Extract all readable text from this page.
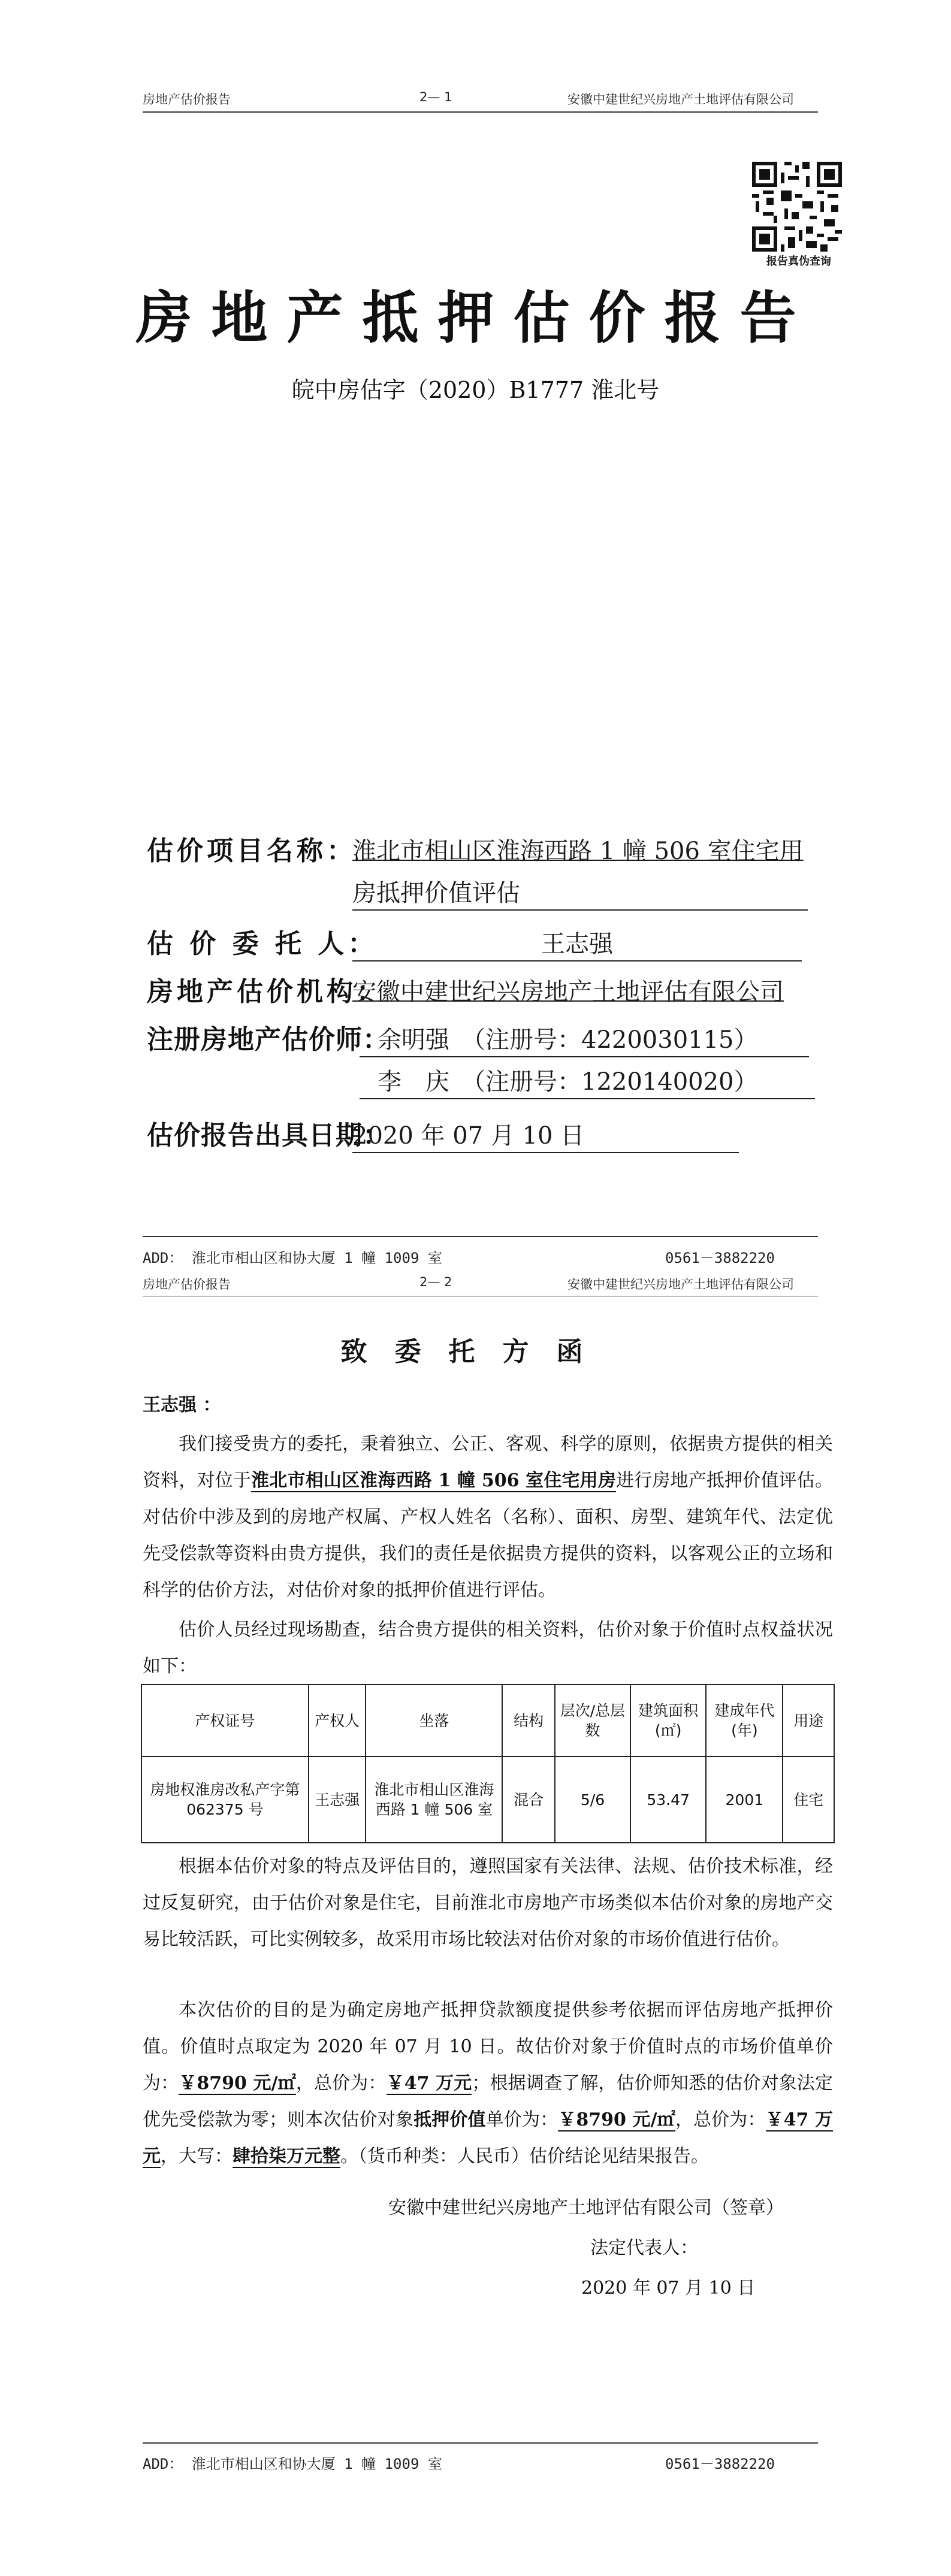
房地产估价报告	2— 1	安徽中建世纪兴房地产土地评估有限公司
报告真伪查询
房地产抵押估价报告
皖中房估字（2020）B1777 淮北号
估价项目名称：
淮北市相山区淮海西路 1 幢 506 室住宅用
房抵押价值评估
估 价 委 托 人：	王志强
房地产估价机构：
安徽中建世纪兴房地产土地评估有限公司
注册房地产估价师：
余明强　（注册号：4220030115）
李　庆　（注册号：1220140020）
估价报告出具日期：
2020 年 07 月 10 日
ADD： 淮北市相山区和协大厦 1 幢 1009 室	0561－3882220
房地产估价报告	2— 2	安徽中建世纪兴房地产土地评估有限公司
致委托方函
王志强 ：
我们接受贵方的委托，秉着独立、公正、客观、科学的原则，依据贵方提供的相关资料，对位于淮北市相山区淮海西路 1 幢 506 室住宅用房进行房地产抵押价值评估。对估价中涉及到的房地产权属、产权人姓名（名称）、面积、房型、建筑年代、法定优先受偿款等资料由贵方提供，我们的责任是依据贵方提供的资料，以客观公正的立场和科学的估价方法，对估价对象的抵押价值进行评估。
估价人员经过现场勘查，结合贵方提供的相关资料，估价对象于价值时点权益状况如下：
产权证号	产权人	坐落	结构	层次/总层数	建筑面积(㎡)	建成年代(年)	用途
房地权淮房改私产字第 062375 号	王志强	淮北市相山区淮海西路 1 幢 506 室	混合	5/6	53.47	2001	住宅
根据本估价对象的特点及评估目的，遵照国家有关法律、法规、估价技术标准，经过反复研究，由于估价对象是住宅，目前淮北市房地产市场类似本估价对象的房地产交易比较活跃，可比实例较多，故采用市场比较法对估价对象的市场价值进行估价。
本次估价的目的是为确定房地产抵押贷款额度提供参考依据而评估房地产抵押价值。价值时点取定为 2020 年 07 月 10 日。故估价对象于价值时点的市场价值单价为：￥8790 元/㎡，总价为：￥47 万元；根据调查了解，估价师知悉的估价对象法定优先受偿款为零；则本次估价对象抵押价值单价为：￥8790 元/㎡，总价为：￥47 万元，大写：肆拾柒万元整。（货币种类：人民币）估价结论见结果报告。
安徽中建世纪兴房地产土地评估有限公司（签章）
法定代表人：
2020 年 07 月 10 日
ADD： 淮北市相山区和协大厦 1 幢 1009 室	0561－3882220
